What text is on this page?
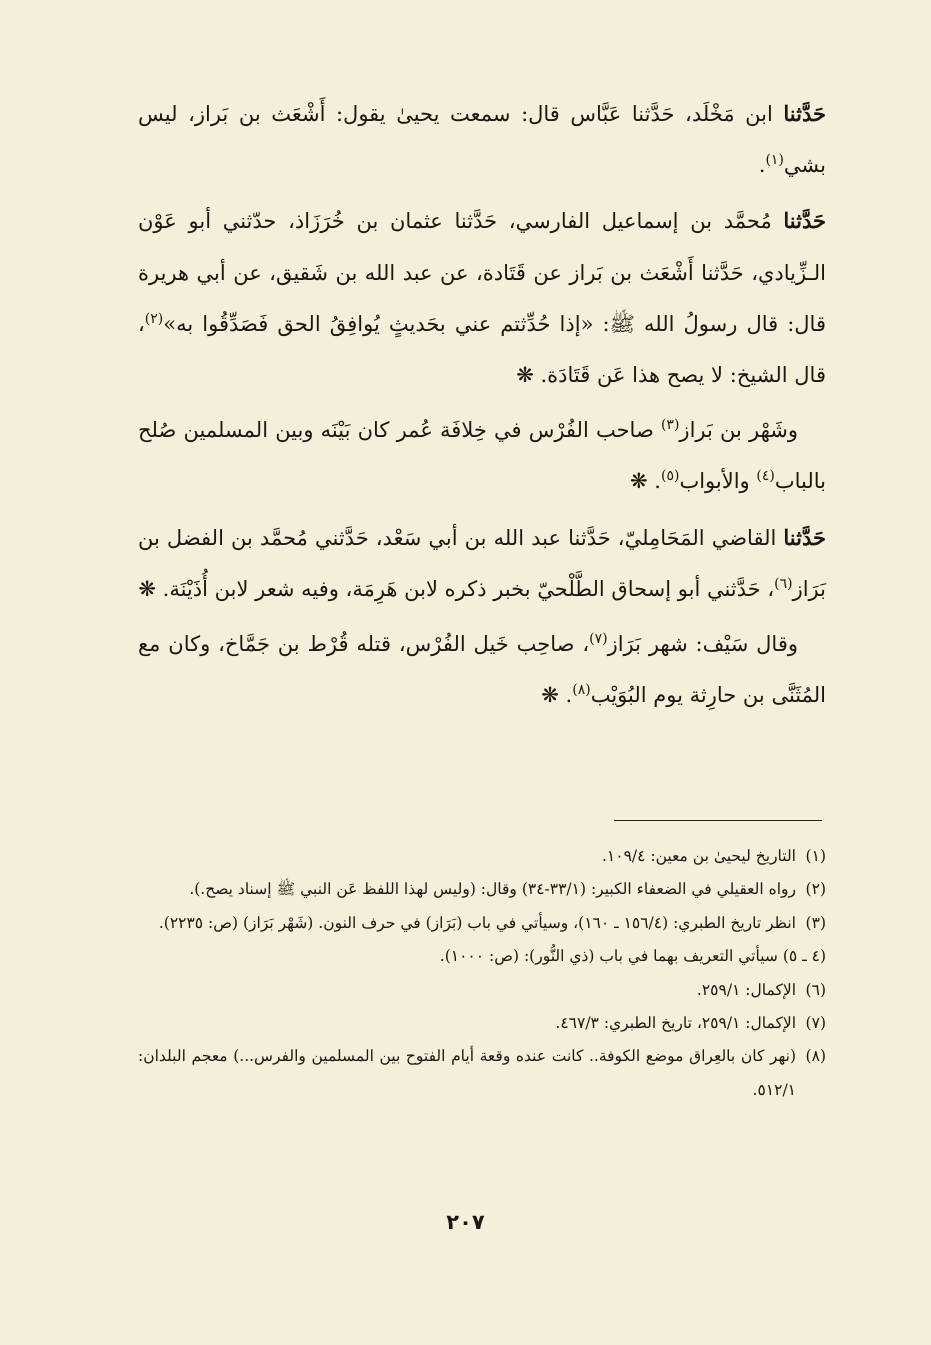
حَدَّثنا ابن مَخْلَد، حَدَّثنا عَبَّاس قال: سمعت يحيىٰ يقول: أَشْعَث بن بَراز، ليس بشي$^{(١)}$.

حَدَّثنا مُحمَّد بن إسماعيل الفارسي، حَدَّثنا عثمان بن خُرَزَاذ، حدّثني أبو عَوْن الـزِّيادي، حَدَّثنا أَشْعَث بن بَراز عن قَتَادة، عن عبد الله بن شَقيق، عن أبي هريرة قال: قال رسولُ الله ﷺ: «إذا حُدِّثتم عني بحَديثٍ يُوافِقُ الحق فَصَدِّقُوا به»$^{(٢)}$، قال الشيخ: لا يصح هذا عَن قَتَادَة. ❋

وشَهْر بن بَراز$^{(٣)}$ صاحب الفُرْس في خِلافَة عُمر كان بَيْنَه وبين المسلمين صُلح بالباب$^{(٤)}$ والأبواب$^{(٥)}$. ❋

حَدَّثنا القاضي المَحَامِليّ، حَدَّثنا عبد الله بن أبي سَعْد، حَدَّثني مُحمَّد بن الفضل بن بَرَاز$^{(٦)}$، حَدَّثني أبو إسحاق الطَّلْحيّ بخبر ذكره لابن هَرِمَة، وفيه شعر لابن أُذَيْنَة. ❋

وقال سَيْف: شهر بَرَاز$^{(٧)}$، صاحِب خَيل الفُرْس، قتله قُرْط بن جَمَّاخ، وكان مع المُثَنَّى بن حارِثة يوم البُوَيْب$^{(٨)}$. ❋

(١)التاريخ ليحيىٰ بن معين: ١٠٩/٤.

(٢)رواه العقيلي في الضعفاء الكبير: (٣٣/١-٣٤) وقال: (وليس لهذا اللفظ عَن النبي ﷺ إسناد يصح.).

(٣)انظر تاريخ الطبري: (١٥٦/٤ ـ ١٦٠)، وسيأتي في باب (بَرَاز) في حرف النون. (شَهْر بَرَاز) (ص: ٢٢٣٥).

(٤ ـ ٥) سيأتي التعريف بهما في باب (ذي النُّور): (ص: ١٠٠٠).

(٦)الإكمال: ٢٥٩/١.

(٧)الإكمال: ٢٥٩/١، تاريخ الطبري: ٤٦٧/٣.

(٨)(نهر كان بالعِراق موضع الكوفة.. كانت عنده وقعة أيام الفتوح بين المسلمين والفرس...) معجم البلدان: ٥١٢/١.

٢٠٧
